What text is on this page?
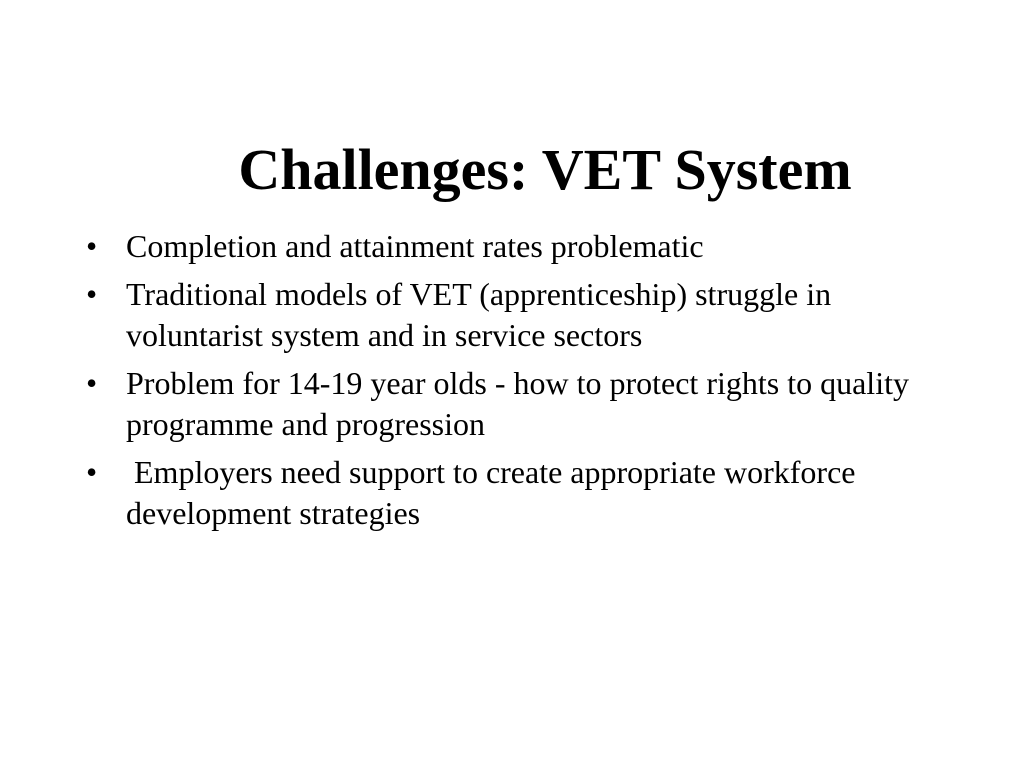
Challenges: VET System
• Completion and attainment rates problematic
• Traditional models of VET (apprenticeship) struggle in voluntarist system and in service sectors
• Problem for 14-19 year olds - how to protect rights to quality programme and progression
• Employers need support to create appropriate workforce development strategies
